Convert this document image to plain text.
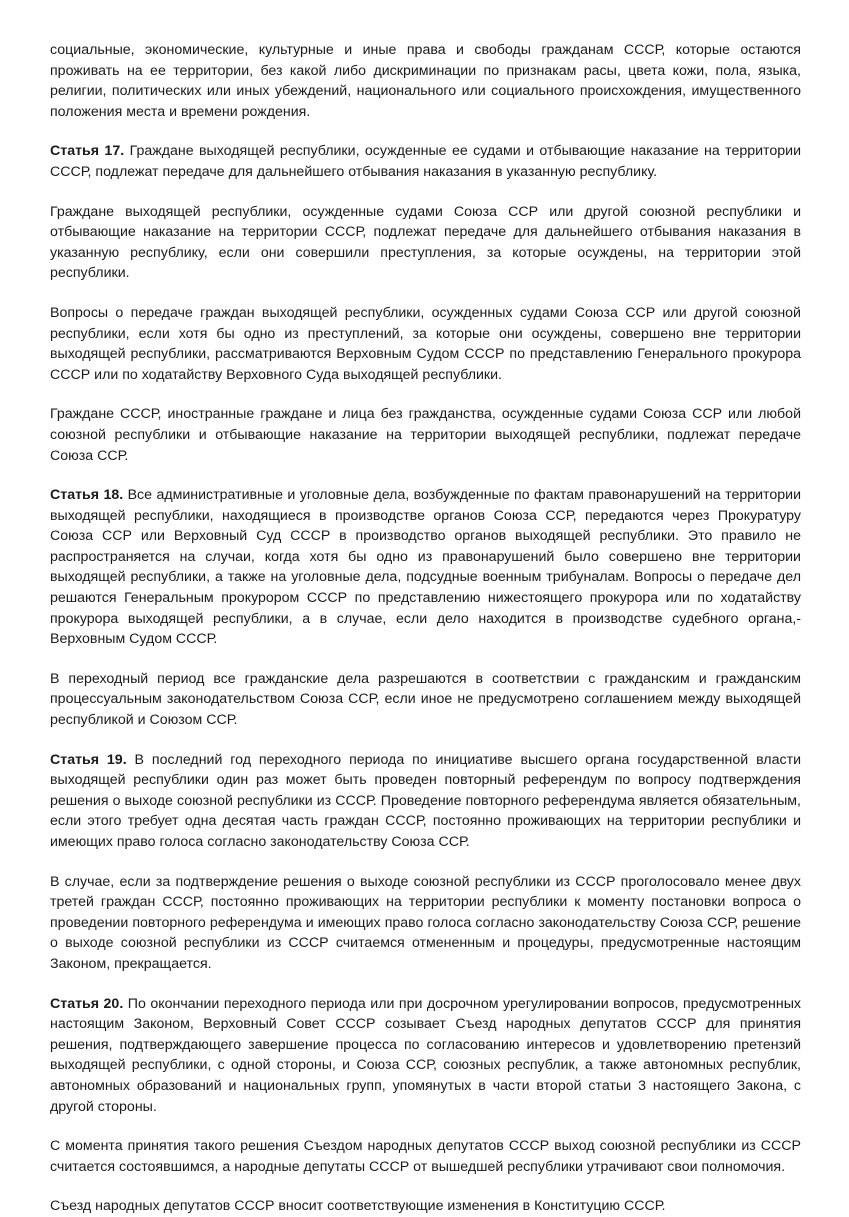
социальные, экономические, культурные и иные права и свободы гражданам СССР, которые остаются проживать на ее территории, без какой либо дискриминации по признакам расы, цвета кожи, пола, языка, религии, политических или иных убеждений, национального или социального происхождения, имущественного положения места и времени рождения.

Статья 17. Граждане выходящей республики, осужденные ее судами и отбывающие наказание на территории СССР, подлежат передаче для дальнейшего отбывания наказания в указанную республику.

Граждане выходящей республики, осужденные судами Союза ССР или другой союзной республики и отбывающие наказание на территории СССР, подлежат передаче для дальнейшего отбывания наказания в указанную республику, если они совершили преступления, за которые осуждены, на территории этой республики.

Вопросы о передаче граждан выходящей республики, осужденных судами Союза ССР или другой союзной республики, если хотя бы одно из преступлений, за которые они осуждены, совершено вне территории выходящей республики, рассматриваются Верховным Судом СССР по представлению Генерального прокурора СССР или по ходатайству Верховного Суда выходящей республики.

Граждане СССР, иностранные граждане и лица без гражданства, осужденные судами Союза ССР или любой союзной республики и отбывающие наказание на территории выходящей республики, подлежат передаче Союза ССР.

Статья 18. Все административные и уголовные дела, возбужденные по фактам правонарушений на территории выходящей республики, находящиеся в производстве органов Союза ССР, передаются через Прокуратуру Союза ССР или Верховный Суд СССР в производство органов выходящей республики. Это правило не распространяется на случаи, когда хотя бы одно из правонарушений было совершено вне территории выходящей республики, а также на уголовные дела, подсудные военным трибуналам. Вопросы о передаче дел решаются Генеральным прокурором СССР по представлению нижестоящего прокурора или по ходатайству прокурора выходящей республики, а в случае, если дело находится в производстве судебного органа,- Верховным Судом СССР.

В переходный период все гражданские дела разрешаются в соответствии с гражданским и гражданским процессуальным законодательством Союза ССР, если иное не предусмотрено соглашением между выходящей республикой и Союзом ССР.

Статья 19. В последний год переходного периода по инициативе высшего органа государственной власти выходящей республики один раз может быть проведен повторный референдум по вопросу подтверждения решения о выходе союзной республики из СССР. Проведение повторного референдума является обязательным, если этого требует одна десятая часть граждан СССР, постоянно проживающих на территории республики и имеющих право голоса согласно законодательству Союза ССР.

В случае, если за подтверждение решения о выходе союзной республики из СССР проголосовало менее двух третей граждан СССР, постоянно проживающих на территории республики к моменту постановки вопроса о проведении повторного референдума и имеющих право голоса согласно законодательству Союза ССР, решение о выходе союзной республики из СССР считаемся отмененным и процедуры, предусмотренные настоящим Законом, прекращается.

Статья 20. По окончании переходного периода или при досрочном урегулировании вопросов, предусмотренных настоящим Законом, Верховный Совет СССР созывает Съезд народных депутатов СССР для принятия решения, подтверждающего завершение процесса по согласованию интересов и удовлетворению претензий выходящей республики, с одной стороны, и Союза ССР, союзных республик, а также автономных республик, автономных образований и национальных групп, упомянутых в части второй статьи 3 настоящего Закона, с другой стороны.

С момента принятия такого решения Съездом народных депутатов СССР выход союзной республики из СССР считается состоявшимся, а народные депутаты СССР от вышедшей республики утрачивают свои полномочия.

Съезд народных депутатов СССР вносит соответствующие изменения в Конституцию СССР.
